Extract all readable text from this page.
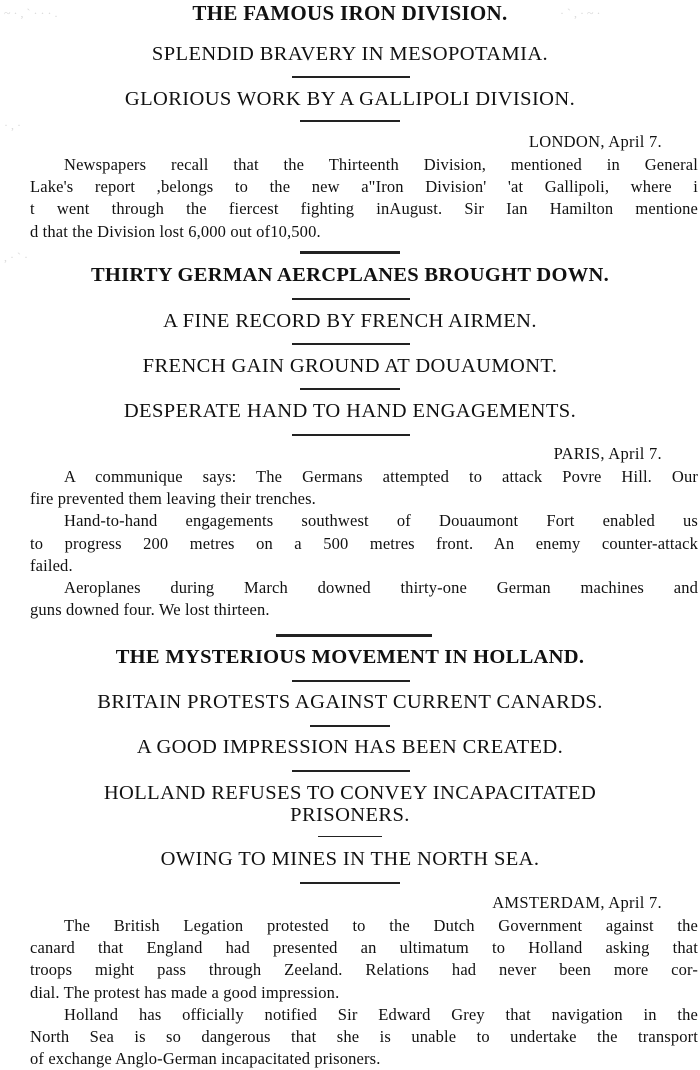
~ · , ` · · · .	· ` , · ~ ·
· , ·
, · ` ·
THE FAMOUS IRON DIVISION.
SPLENDID BRAVERY IN MESOPOTAMIA.
GLORIOUS WORK BY A GALLIPOLI DIVISION.
LONDON, April 7.
Newspapers recall that the Thirteenth Division, mentioned in General
Lake's report ,belongs to the new a"Iron Division' 'at Gallipoli, where i
t went through the fiercest fighting inAugust. Sir Ian Hamilton mentione
d that the Division lost 6,000 out of10,500.
THIRTY GERMAN AERCPLANES BROUGHT DOWN.
A FINE RECORD BY FRENCH AIRMEN.
FRENCH GAIN GROUND AT DOUAUMONT.
DESPERATE HAND TO HAND ENGAGEMENTS.
PARIS, April 7.
A communique says: The Germans attempted to attack Povre Hill. Our
fire prevented them leaving their trenches.
Hand-to-hand engagements southwest of Douaumont Fort enabled us
to progress 200 metres on a 500 metres front. An enemy counter-attack
failed.
Aeroplanes during March downed thirty-one German machines and
guns downed four. We lost thirteen.
THE MYSTERIOUS MOVEMENT IN HOLLAND.
BRITAIN PROTESTS AGAINST CURRENT CANARDS.
A GOOD IMPRESSION HAS BEEN CREATED.
HOLLAND REFUSES TO CONVEY INCAPACITATED
PRISONERS.
OWING TO MINES IN THE NORTH SEA.
AMSTERDAM, April 7.
The British Legation protested to the Dutch Government against the
canard that England had presented an ultimatum to Holland asking that
troops might pass through Zeeland. Relations had never been more cor-
dial. The protest has made a good impression.
Holland has officially notified Sir Edward Grey that navigation in the
North Sea is so dangerous that she is unable to undertake the transport
of exchange Anglo-German incapacitated prisoners.
